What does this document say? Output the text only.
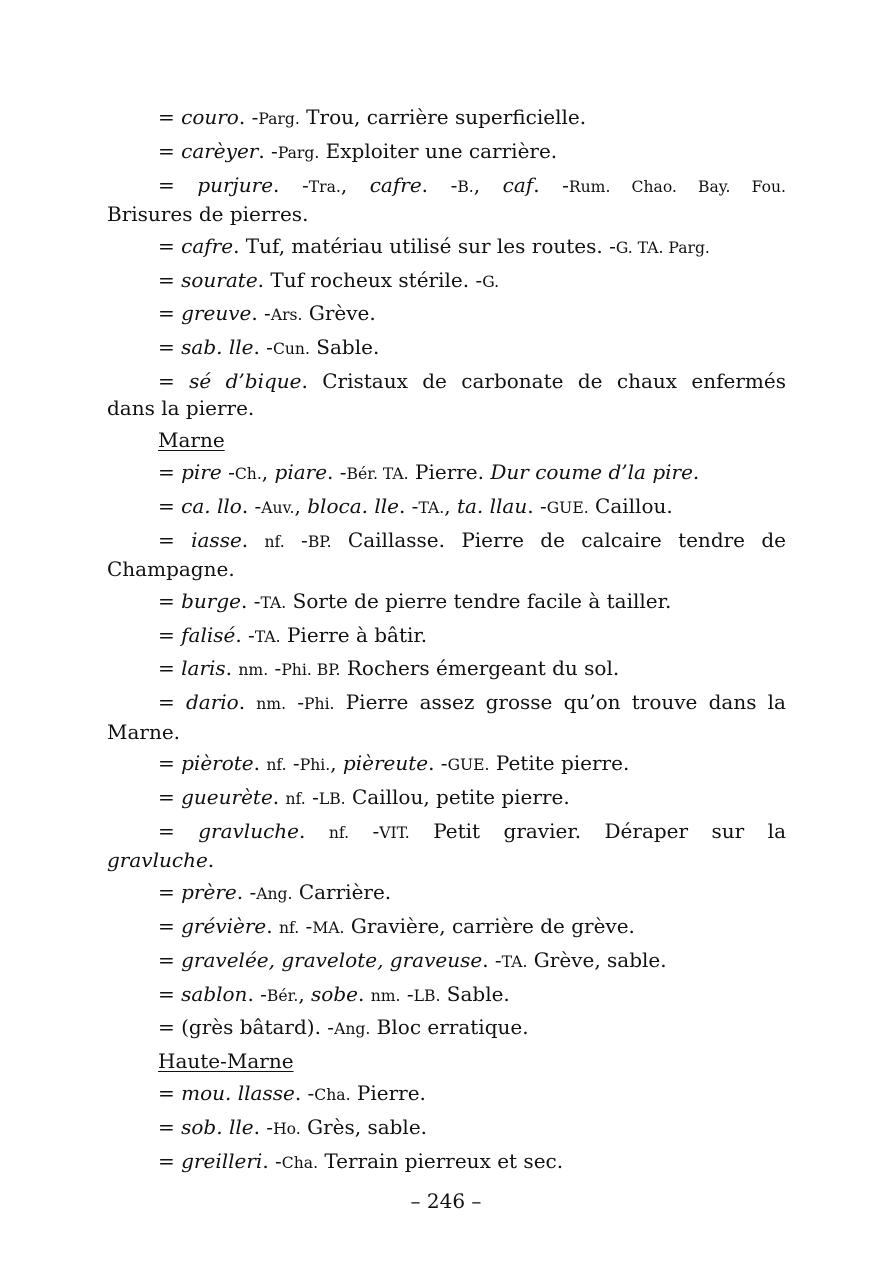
= couro. -Parg. Trou, carrière superficielle.
= carèyer. -Parg. Exploiter une carrière.
= purjure. -Tra., cafre. -B., caf. -Rum. Chao. Bay. Fou.
Brisures de pierres.
= cafre. Tuf, matériau utilisé sur les routes. -G. TA. Parg.
= sourate. Tuf rocheux stérile. -G.
= greuve. -Ars. Grève.
= sab. lle. -Cun. Sable.
= sé d’bique. Cristaux de carbonate de chaux enfermés
dans la pierre.
Marne
= pire -Ch., piare. -Bér. TA. Pierre. Dur coume d’la pire.
= ca. llo. -Auv., bloca. lle. -TA., ta. llau. -GUE. Caillou.
= iasse. nf. -BP. Caillasse. Pierre de calcaire tendre de
Champagne.
= burge. -TA. Sorte de pierre tendre facile à tailler.
= falisé. -TA. Pierre à bâtir.
= laris. nm. -Phi. BP. Rochers émergeant du sol.
= dario. nm. -Phi. Pierre assez grosse qu’on trouve dans la
Marne.
= pièrote. nf. -Phi., pièreute. -GUE. Petite pierre.
= gueurète. nf. -LB. Caillou, petite pierre.
= gravluche. nf. -VIT. Petit gravier. Déraper sur la
gravluche.
= prère. -Ang. Carrière.
= grévière. nf. -MA. Gravière, carrière de grève.
= gravelée, gravelote, graveuse. -TA. Grève, sable.
= sablon. -Bér., sobe. nm. -LB. Sable.
= (grès bâtard). -Ang. Bloc erratique.
Haute-Marne
= mou. llasse. -Cha. Pierre.
= sob. lle. -Ho. Grès, sable.
= greilleri. -Cha. Terrain pierreux et sec.
– 246 –
